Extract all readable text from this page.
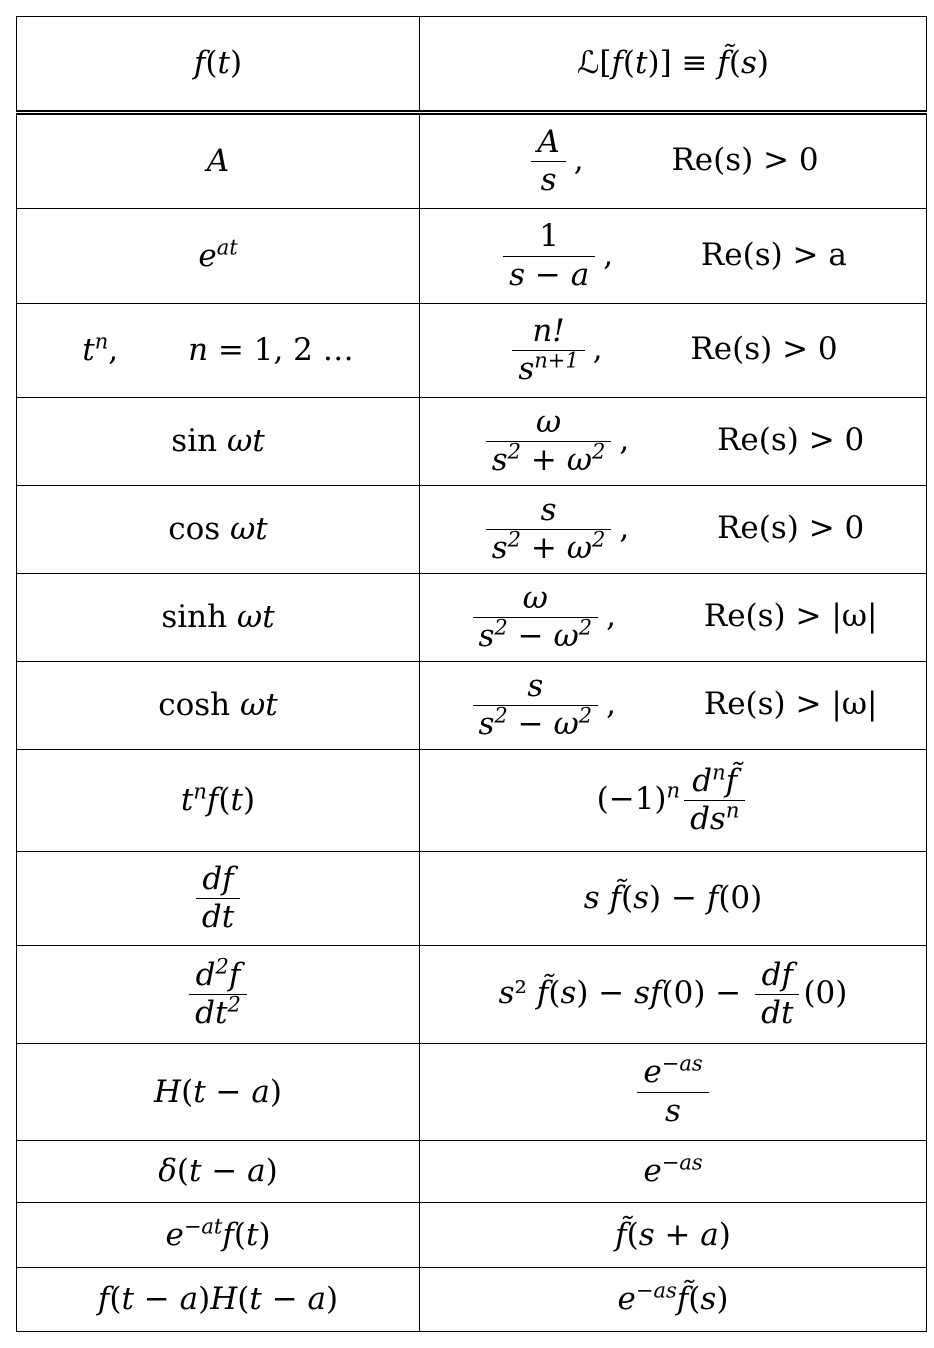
f(t)	ℒ[f(t)] ≡ f̃(s)
A	$\frac{A}{s}$ , Re(s) > 0
$e^{at}$	$\frac{1}{s - a}$ , Re(s) > a
$t^n$, n = 1, 2 …	$\frac{n!}{s^{n+1}}$ , Re(s) > 0
sin ωt	$\frac{\omega}{s^2 + \omega^2}$ , Re(s) > 0
cos ωt	$\frac{s}{s^2 + \omega^2}$ , Re(s) > 0
sinh ωt	$\frac{\omega}{s^2 - \omega^2}$ , Re(s) > |ω|
cosh ωt	$\frac{s}{s^2 - \omega^2}$ , Re(s) > |ω|
$t^nf(t)$	$(-1)^n \frac{d^nf̃}{ds^n}$

$\frac{df}{dt}$	s f̃(s) − f(0)

$\frac{d^2f}{dt^2}$	s² f̃(s) − $sf(0) - \frac{df}{dt} (0)$
H(t − a)	$\frac{e^{-as}}{s}$

δ(t − a)	$e^{-as}$
$e^{-at}f(t)$	f̃(s + a)
f(t − a)H(t − a)	$e^{-as}f̃(s)$
